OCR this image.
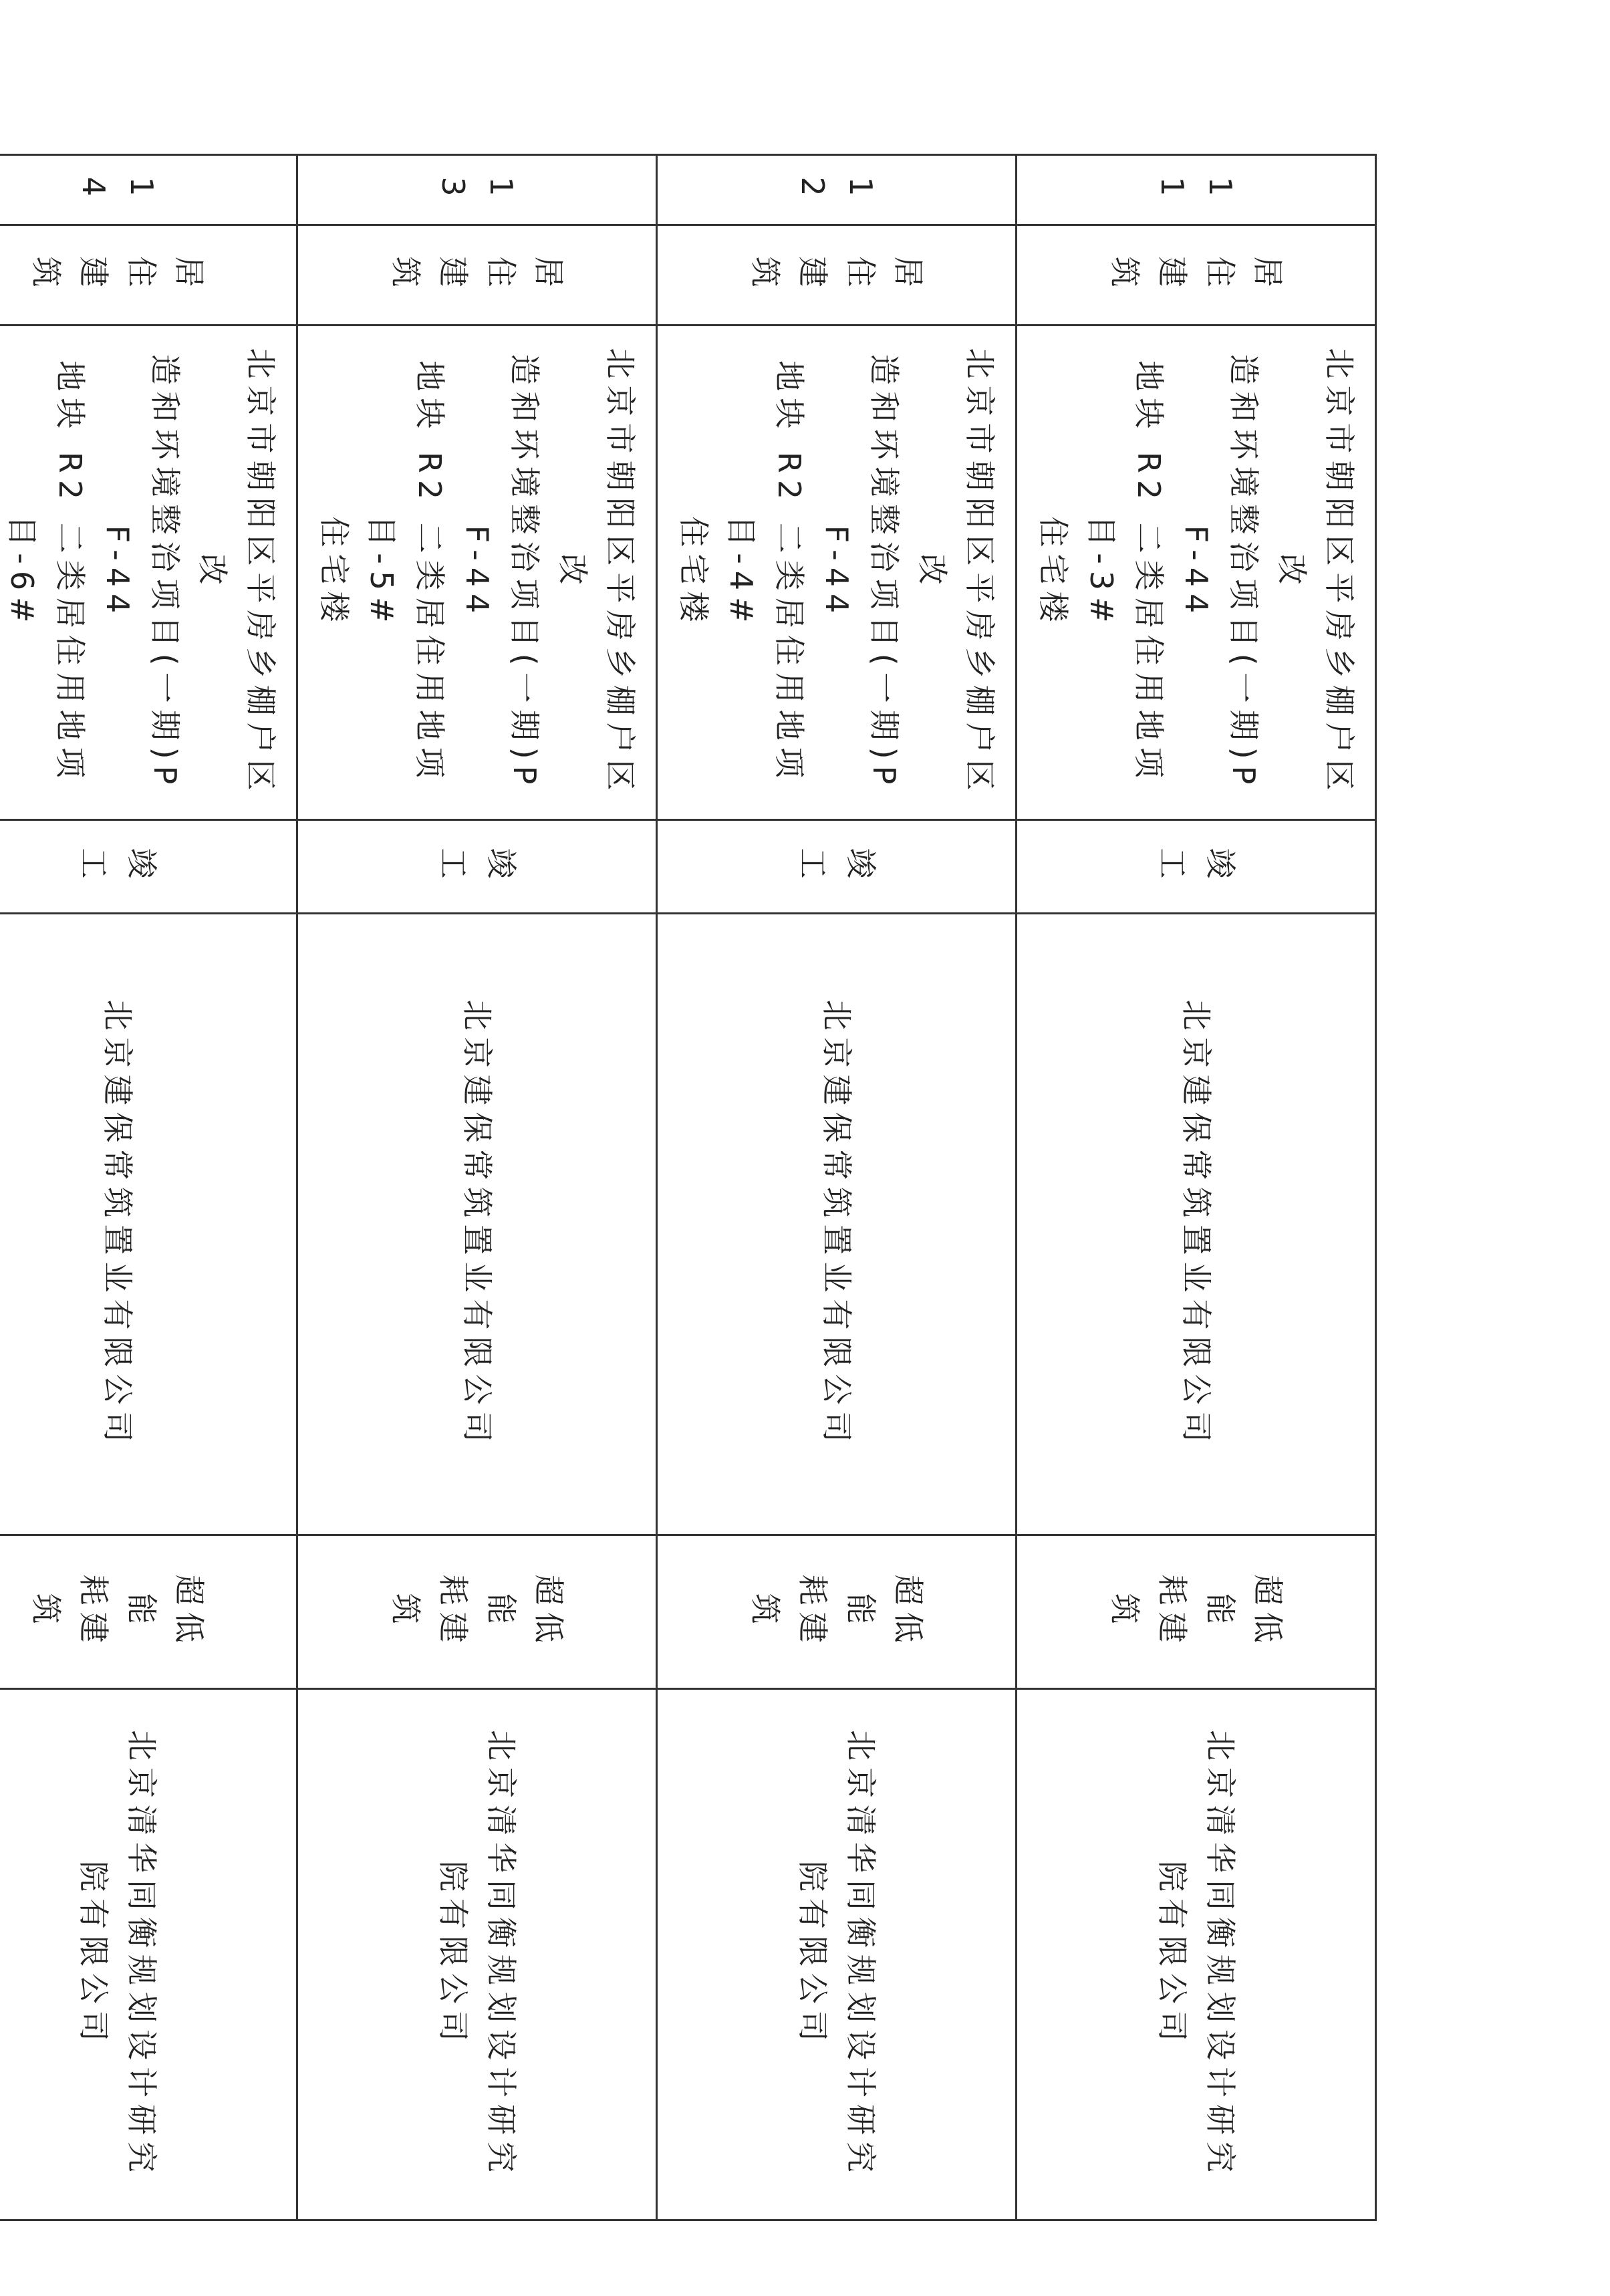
11	居住
建筑	北京市朝阳区平房乡棚户区改
造和环境整治项目(一期)PF-44
地块 R2 二类居住用地项目-3#
住宅楼	竣工	北京建保常筑置业有限公司	超低能
耗建筑	北京清华同衡规划设计研究
院有限公司

12	居住
建筑	北京市朝阳区平房乡棚户区改
造和环境整治项目(一期)PF-44
地块 R2 二类居住用地项目-4#
住宅楼	竣工	北京建保常筑置业有限公司	超低能
耗建筑	北京清华同衡规划设计研究
院有限公司

13	居住
建筑	北京市朝阳区平房乡棚户区改
造和环境整治项目(一期)PF-44
地块 R2 二类居住用地项目-5#
住宅楼	竣工	北京建保常筑置业有限公司	超低能
耗建筑	北京清华同衡规划设计研究
院有限公司

14	居住
建筑	北京市朝阳区平房乡棚户区改
造和环境整治项目(一期)PF-44
地块 R2 二类居住用地项目-6#	竣工	北京建保常筑置业有限公司	超低能
耗建筑	北京清华同衡规划设计研究
院有限公司
